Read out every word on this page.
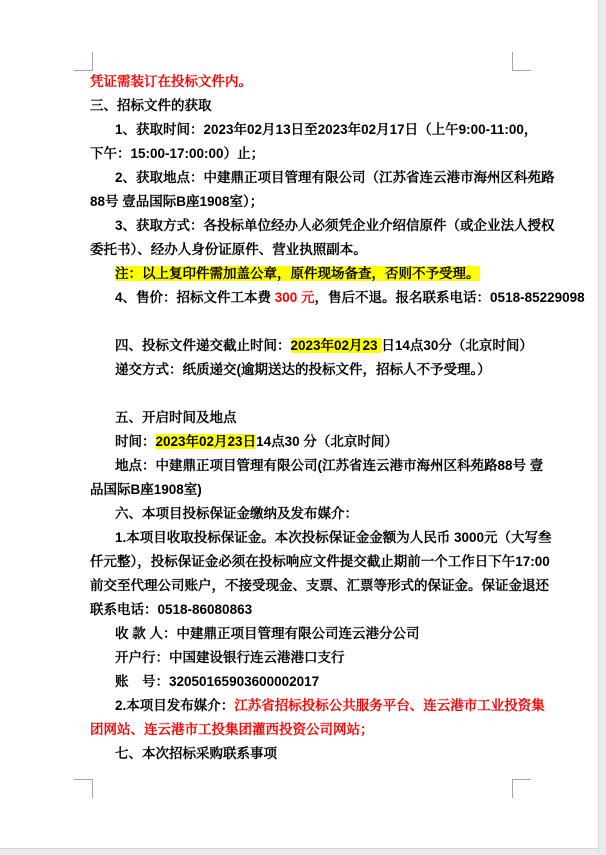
凭证需装订在投标文件内。
三、招标文件的获取
1、获取时间：2023年02月13日至2023年02月17日（上午9:00-11:00，
下午：15:00-17:00:00）止；
2、获取地点：中建鼎正项目管理有限公司（江苏省连云港市海州区科苑路
88号 壹品国际B座1908室）；
3、获取方式：各投标单位经办人必须凭企业介绍信原件（或企业法人授权
委托书）、经办人身份证原件、营业执照副本。
注：以上复印件需加盖公章，原件现场备查，否则不予受理。
4、售价：招标文件工本费 300 元，售后不退。报名联系电话：0518-85229098
四、投标文件递交截止时间：2023年02月23 日14点30分（北京时间）
递交方式：纸质递交(逾期送达的投标文件，招标人不予受理。）
五、开启时间及地点
时间：2023年02月23日14点30 分（北京时间）
地点：中建鼎正项目管理有限公司(江苏省连云港市海州区科苑路88号 壹
品国际B座1908室)
六、本项目投标保证金缴纳及发布媒介：
1.本项目收取投标保证金。本次投标保证金金额为人民币 3000元（大写叁
仟元整），投标保证金必须在投标响应文件提交截止期前一个工作日下午17:00
前交至代理公司账户，不接受现金、支票、汇票等形式的保证金。保证金退还
联系电话：0518-86080863
收 款 人：中建鼎正项目管理有限公司连云港分公司
开户行：中国建设银行连云港港口支行
账　号：32050165903600002017
2.本项目发布媒介：江苏省招标投标公共服务平台、连云港市工业投资集
团网站、连云港市工投集团灌西投资公司网站；
七、本次招标采购联系事项
